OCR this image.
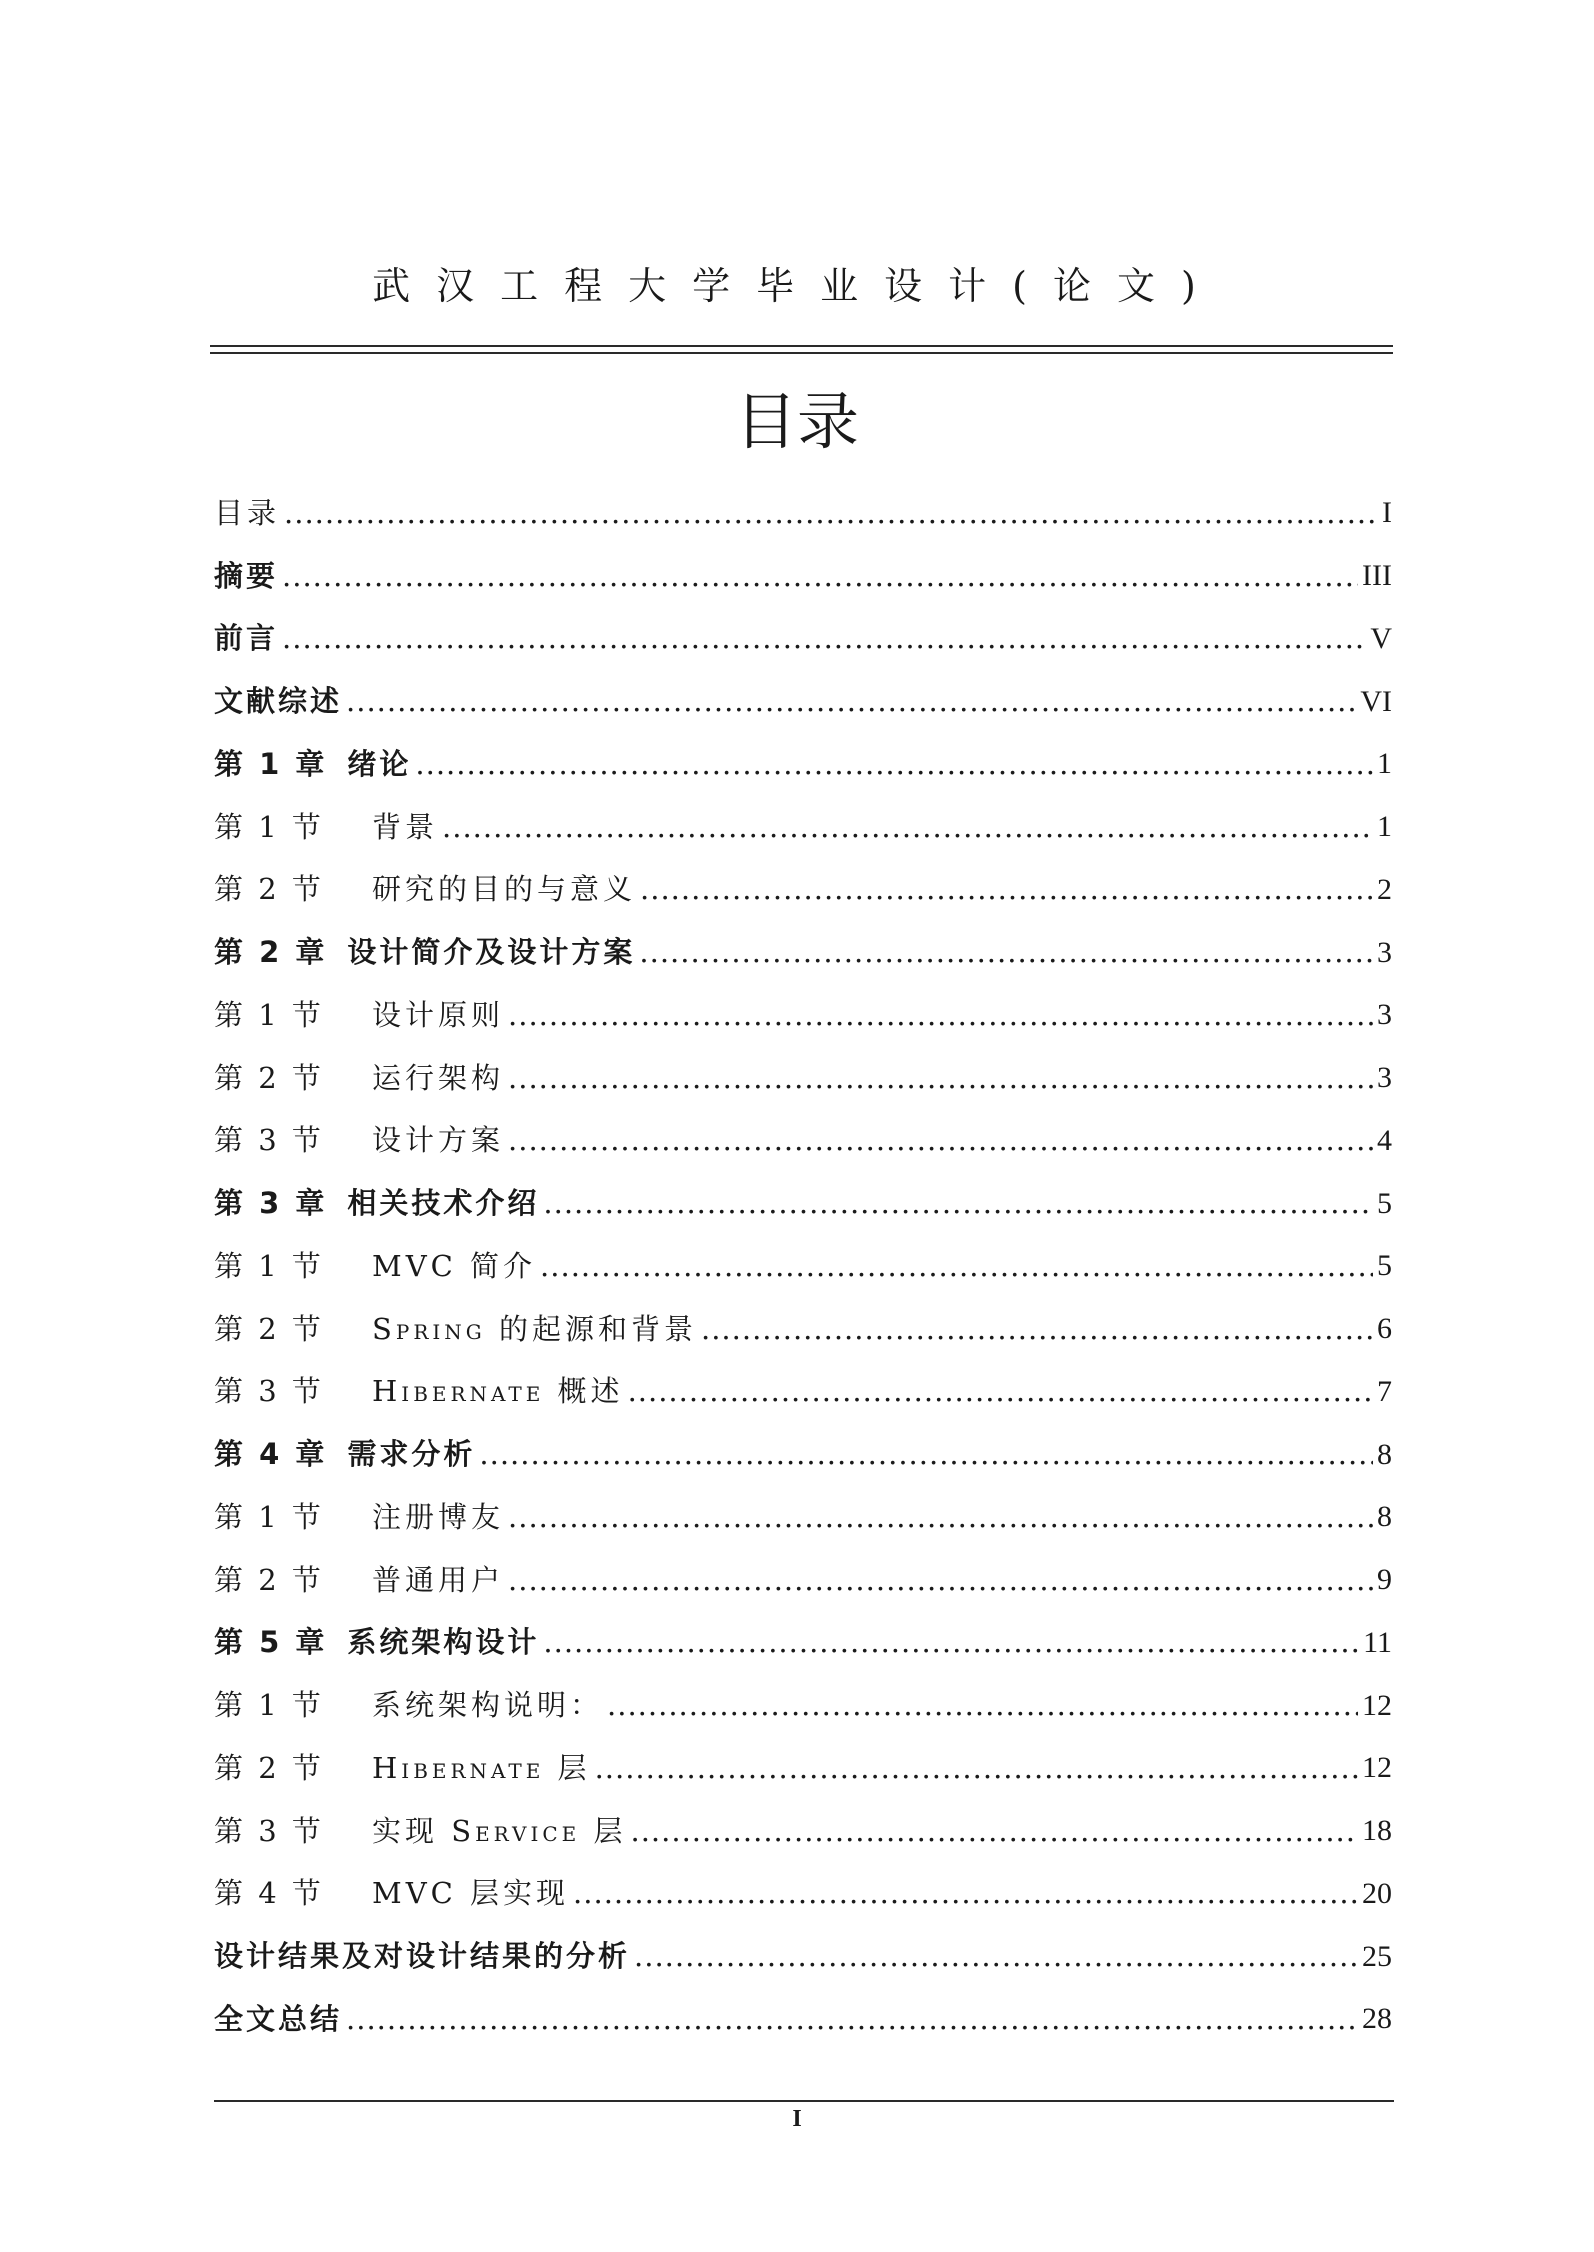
武汉工程大学毕业设计(论文)
目录
目录 .....	I
摘要 .....	III
前言 .....	V
文献综述 .....	VI
第 1 章 绪论 .....	1
第 1 节 背景 .....	1
第 2 节 研究的目的与意义 .....	2
第 2 章 设计简介及设计方案 .....	3
第 1 节 设计原则 .....	3
第 2 节 运行架构 .....	3
第 3 节 设计方案 .....	4
第 3 章 相关技术介绍 .....	5
第 1 节 MVC 简介 .....	5
第 2 节 Spring 的起源和背景 .....	6
第 3 节 Hibernate 概述 .....	7
第 4 章 需求分析 .....	8
第 1 节 注册博友 .....	8
第 2 节 普通用户 .....	9
第 5 章 系统架构设计 .....	11
第 1 节 系统架构说明： .....	12
第 2 节 Hibernate 层 .....	12
第 3 节 实现 Service 层 .....	18
第 4 节 MVC 层实现 .....	20
设计结果及对设计结果的分析 .....	25
全文总结 .....	28
I
